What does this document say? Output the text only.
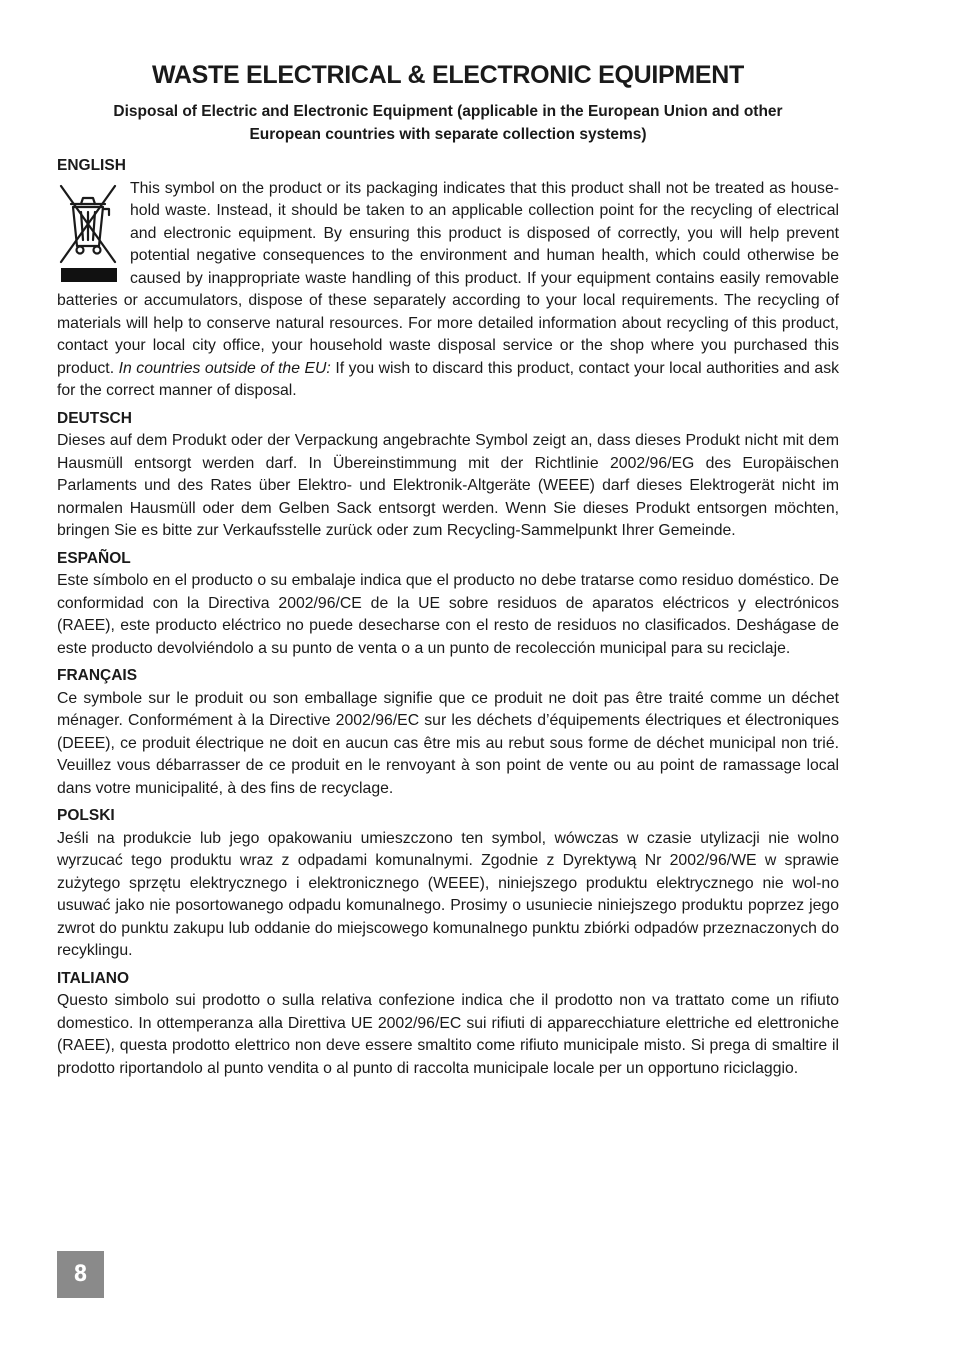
WASTE ELECTRICAL & ELECTRONIC EQUIPMENT
Disposal of Electric and Electronic Equipment (applicable in the European Union and other European countries with separate collection systems)
ENGLISH

This symbol on the product or its packaging indicates that this product shall not be treated as house-hold waste. Instead, it should be taken to an applicable collection point for the recycling of electrical and electronic equipment. By ensuring this product is disposed of correctly, you will help prevent potential negative consequences to the environment and human health, which could otherwise be caused by inappropriate waste handling of this product. If your equipment contains easily removable batteries or accumulators, dispose of these separately according to your local requirements. The recycling of materials will help to conserve natural resources. For more detailed information about recycling of this product, contact your local city office, your household waste disposal service or the shop where you purchased this product. In countries outside of the EU: If you wish to discard this product, contact your local authorities and ask for the correct manner of disposal.

DEUTSCH

Dieses auf dem Produkt oder der Verpackung angebrachte Symbol zeigt an, dass dieses Produkt nicht mit dem Hausmüll entsorgt werden darf. In Übereinstimmung mit der Richtlinie 2002/96/EG des Europäischen Parlaments und des Rates über Elektro- und Elektronik-Altgeräte (WEEE) darf dieses Elektrogerät nicht im normalen Hausmüll oder dem Gelben Sack entsorgt werden. Wenn Sie dieses Produkt entsorgen möchten, bringen Sie es bitte zur Verkaufsstelle zurück oder zum Recycling-Sammelpunkt Ihrer Gemeinde.

ESPAÑOL

Este símbolo en el producto o su embalaje indica que el producto no debe tratarse como residuo doméstico. De conformidad con la Directiva 2002/96/CE de la UE sobre residuos de aparatos eléctricos y electrónicos (RAEE), este producto eléctrico no puede desecharse con el resto de residuos no clasificados. Deshágase de este producto devolviéndolo a su punto de venta o a un punto de recolección municipal para su reciclaje.

FRANÇAIS

Ce symbole sur le produit ou son emballage signifie que ce produit ne doit pas être traité comme un déchet ménager. Conformément à la Directive 2002/96/EC sur les déchets d’équipements électriques et électroniques (DEEE), ce produit électrique ne doit en aucun cas être mis au rebut sous forme de déchet municipal non trié. Veuillez vous débarrasser de ce produit en le renvoyant à son point de vente ou au point de ramassage local dans votre municipalité, à des fins de recyclage.

POLSKI

Jeśli na produkcie lub jego opakowaniu umieszczono ten symbol, wówczas w czasie utylizacji nie wolno wyrzucać tego produktu wraz z odpadami komunalnymi. Zgodnie z Dyrektywą Nr 2002/96/WE w sprawie zużytego sprzętu elektrycznego i elektronicznego (WEEE), niniejszego produktu elektrycznego nie wol-no usuwać jako nie posortowanego odpadu komunalnego. Prosimy o usuniecie niniejszego produktu poprzez jego zwrot do punktu zakupu lub oddanie do miejscowego komunalnego punktu zbiórki odpadów przeznaczonych do recyklingu.

ITALIANO

Questo simbolo sui prodotto o sulla relativa confezione indica che il prodotto non va trattato come un rifiuto domestico. In ottemperanza alla Direttiva UE 2002/96/EC sui rifiuti di apparecchiature elettriche ed elettroniche (RAEE), questa prodotto elettrico non deve essere smaltito come rifiuto municipale misto. Si prega di smaltire il prodotto riportandolo al punto vendita o al punto di raccolta municipale locale per un opportuno riciclaggio.

8
